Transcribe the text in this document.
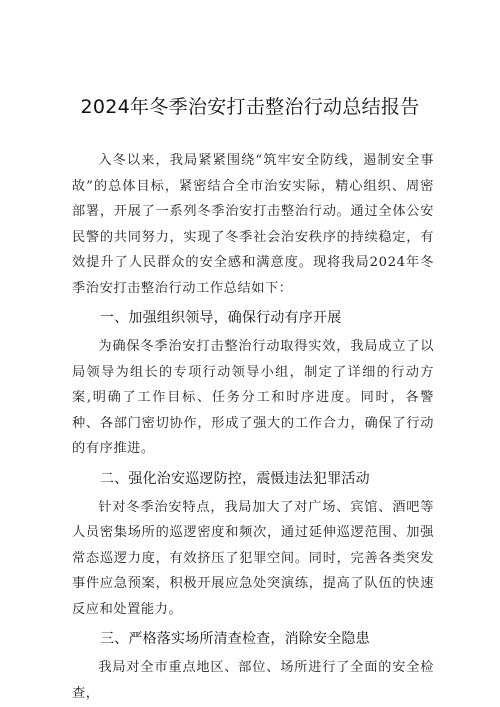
2024年冬季治安打击整治行动总结报告

入冬以来，我局紧紧围绕“筑牢安全防线，遏制安全事故”的总体目标，紧密结合全市治安实际，精心组织、周密部署，开展了一系列冬季治安打击整治行动。通过全体公安民警的共同努力，实现了冬季社会治安秩序的持续稳定，有效提升了人民群众的安全感和满意度。现将我局2024年冬季治安打击整治行动工作总结如下：

一、加强组织领导，确保行动有序开展

为确保冬季治安打击整治行动取得实效，我局成立了以局领导为组长的专项行动领导小组，制定了详细的行动方案,明确了工作目标、任务分工和时序进度。同时，各警种、各部门密切协作，形成了强大的工作合力，确保了行动的有序推进。

二、强化治安巡逻防控，震慑违法犯罪活动

针对冬季治安特点，我局加大了对广场、宾馆、酒吧等人员密集场所的巡逻密度和频次，通过延伸巡逻范围、加强常态巡逻力度，有效挤压了犯罪空间。同时，完善各类突发事件应急预案，积极开展应急处突演练，提高了队伍的快速反应和处置能力。

三、严格落实场所清查检查，消除安全隐患

我局对全市重点地区、部位、场所进行了全面的安全检查，
